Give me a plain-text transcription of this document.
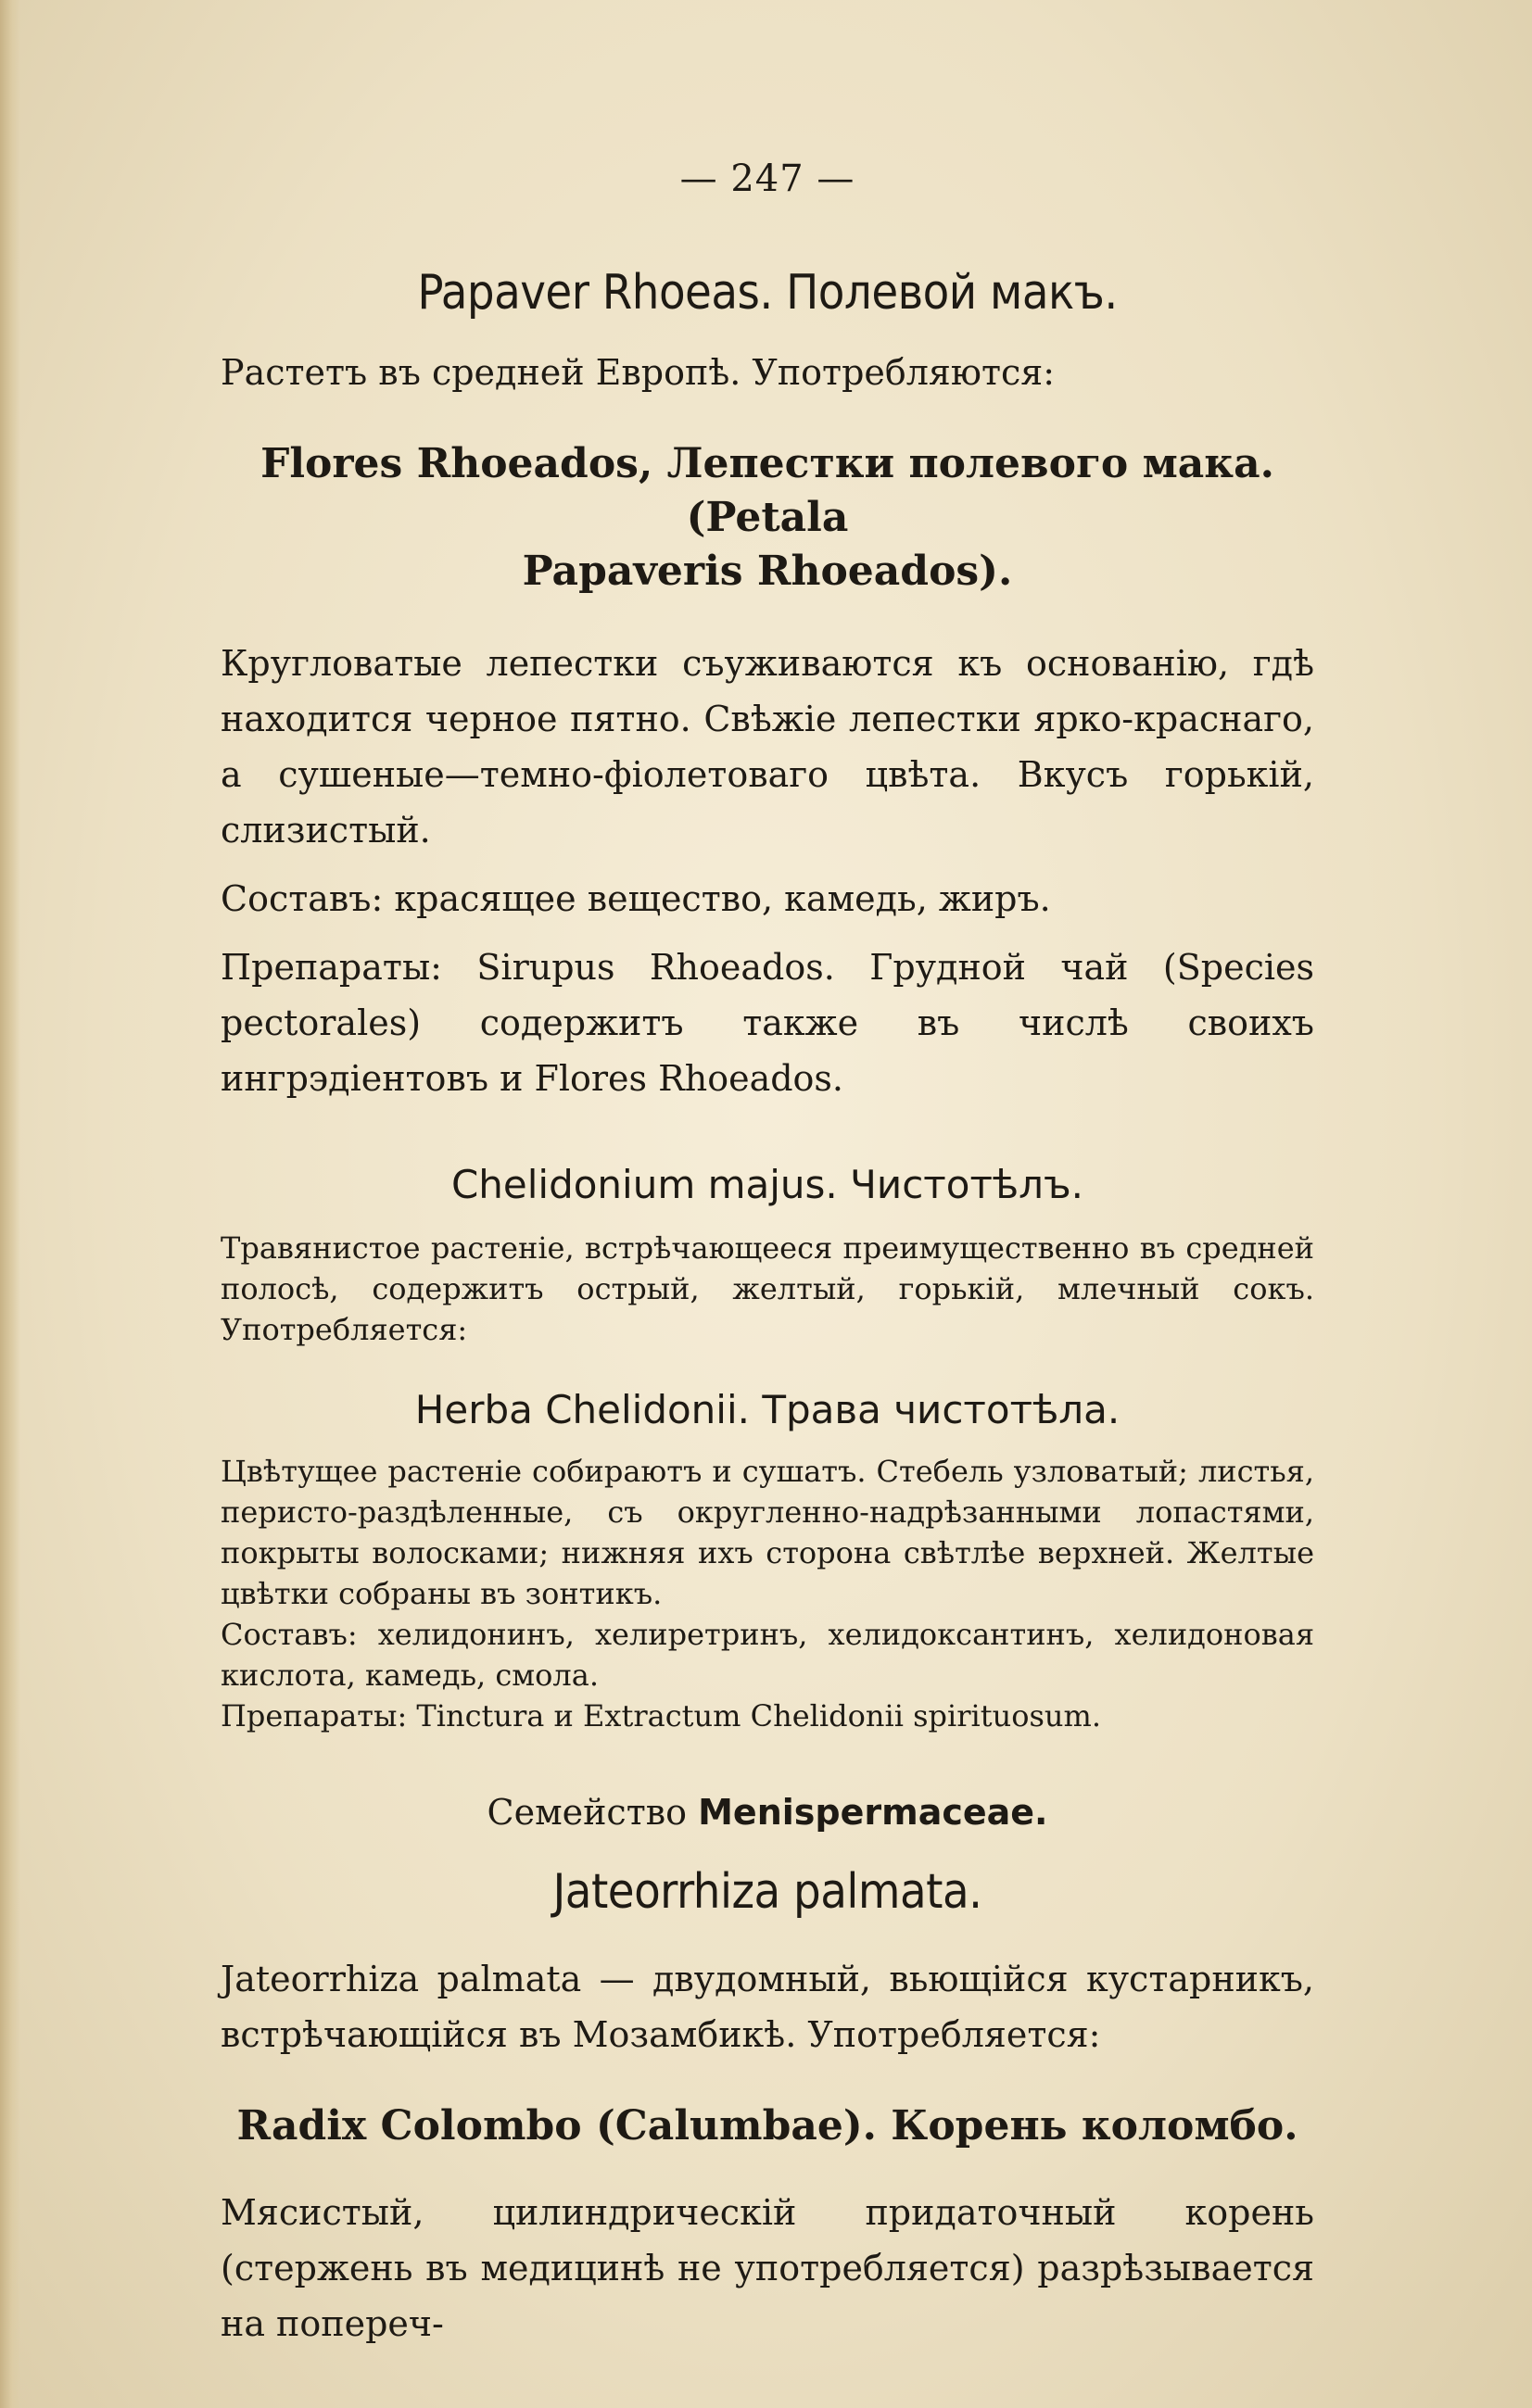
— 247 —
Papaver Rhoeas. Полевой макъ.

Растетъ въ средней Европѣ. Употребляются:

Flores Rhoeados, Лепестки полевого мака. (Petala
Papaveris Rhoeados).

Кругловатые лепестки съуживаются къ основанію, гдѣ находится черное пятно. Свѣжіе лепестки ярко-краснаго, а сушеные—темно-фіолетоваго цвѣта. Вкусъ горькій, слизистый.

Составъ: красящее вещество, камедь, жиръ.

Препараты: Sirupus Rhoeados. Грудной чай (Species pectorales) содержитъ также въ числѣ своихъ ингрэдіентовъ и Flores Rhoeados.

Chelidonium majus. Чистотѣлъ.

Травянистое растеніе, встрѣчающееся преимущественно въ средней полосѣ, содержитъ острый, желтый, горькій, млечный сокъ. Употребляется:

Herba Chelidonii. Трава чистотѣла.

Цвѣтущее растеніе собираютъ и сушатъ. Стебель узловатый; листья, перисто-раздѣленные, съ округленно-надрѣзанными лопастями, покрыты волосками; нижняя ихъ сторона свѣтлѣе верхней. Желтые цвѣтки собраны въ зонтикъ.

Составъ: хелидонинъ, хелиретринъ, хелидоксантинъ, хелидоновая кислота, камедь, смола.

Препараты: Tinctura и Extractum Chelidonii spirituosum.

Семейство Menispermaceae.
Jateorrhiza palmata.

Jateorrhiza palmata — двудомный, вьющійся кустарникъ, встрѣчающійся въ Мозамбикѣ. Употребляется:

Radix Colombo (Calumbae). Корень коломбо.

Мясистый, цилиндрическій придаточный корень (стержень въ медицинѣ не употребляется) разрѣзывается на попереч-
